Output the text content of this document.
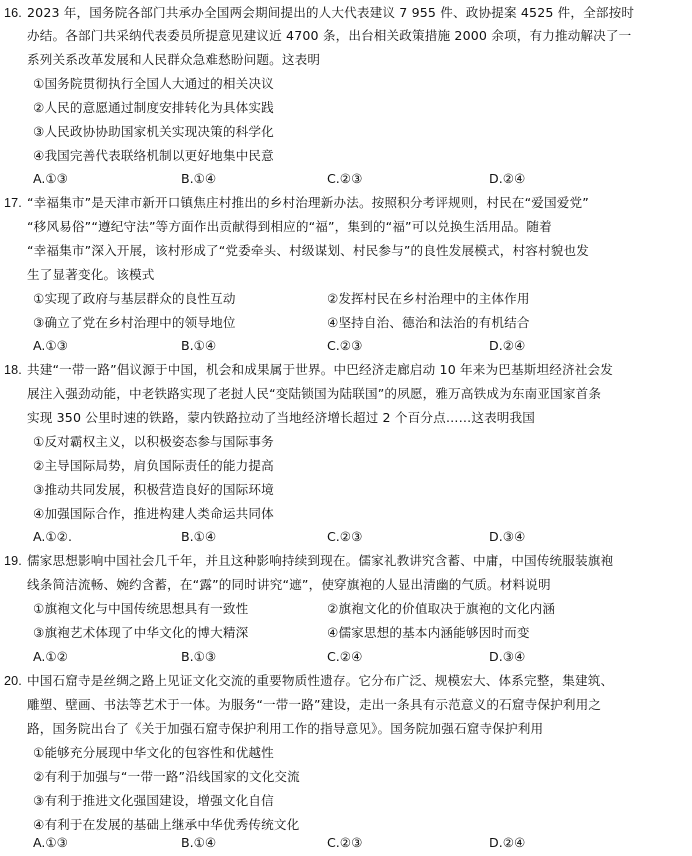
16. 2023 年，国务院各部门共承办全国两会期间提出的人大代表建议 7 955 件、政协提案 4525 件，全部按时
办结。各部门共采纳代表委员所提意见建议近 4700 条，出台相关政策措施 2000 余项，有力推动解决了一
系列关系改革发展和人民群众急难愁盼问题。这表明
①国务院贯彻执行全国人大通过的相关决议
②人民的意愿通过制度安排转化为具体实践
③人民政协协助国家机关实现决策的科学化
④我国完善代表联络机制以更好地集中民意
A.①③	B.①④	C.②③	D.②④
17. “幸福集市”是天津市新开口镇焦庄村推出的乡村治理新办法。按照积分考评规则，村民在“爱国爱党”
“移风易俗”“遵纪守法”等方面作出贡献得到相应的“福”，集到的“福”可以兑换生活用品。随着
“幸福集市”深入开展，该村形成了“党委牵头、村级谋划、村民参与”的良性发展模式，村容村貌也发
生了显著变化。该模式
①实现了政府与基层群众的良性互动	②发挥村民在乡村治理中的主体作用
③确立了党在乡村治理中的领导地位	④坚持自治、德治和法治的有机结合
A.①③	B.①④	C.②③	D.②④
18. 共建“一带一路”倡议源于中国，机会和成果属于世界。中巴经济走廊启动 10 年来为巴基斯坦经济社会发
展注入强劲动能，中老铁路实现了老挝人民“变陆锁国为陆联国”的夙愿，雅万高铁成为东南亚国家首条
实现 350 公里时速的铁路，蒙内铁路拉动了当地经济增长超过 2 个百分点……这表明我国
①反对霸权主义，以积极姿态参与国际事务
②主导国际局势，肩负国际责任的能力提高
③推动共同发展，积极营造良好的国际环境
④加强国际合作，推进构建人类命运共同体
A.①②.	B.①④	C.②③	D.③④
19. 儒家思想影响中国社会几千年，并且这种影响持续到现在。儒家礼教讲究含蓄、中庸，中国传统服装旗袍
线条简洁流畅、婉约含蓄，在“露”的同时讲究“遮”，使穿旗袍的人显出清幽的气质。材料说明
①旗袍文化与中国传统思想具有一致性	②旗袍文化的价值取决于旗袍的文化内涵
③旗袍艺术体现了中华文化的博大精深	④儒家思想的基本内涵能够因时而变
A.①②	B.①③	C.②④	D.③④
20. 中国石窟寺是丝绸之路上见证文化交流的重要物质性遗存。它分布广泛、规模宏大、体系完整，集建筑、
雕塑、壁画、书法等艺术于一体。为服务“一带一路”建设，走出一条具有示范意义的石窟寺保护利用之
路，国务院出台了《关于加强石窟寺保护利用工作的指导意见》。国务院加强石窟寺保护利用
①能够充分展现中华文化的包容性和优越性
②有利于加强与“一带一路”沿线国家的文化交流
③有利于推进文化强国建设，增强文化自信
④有利于在发展的基础上继承中华优秀传统文化
A.①③	B.①④	C.②③	D.②④
